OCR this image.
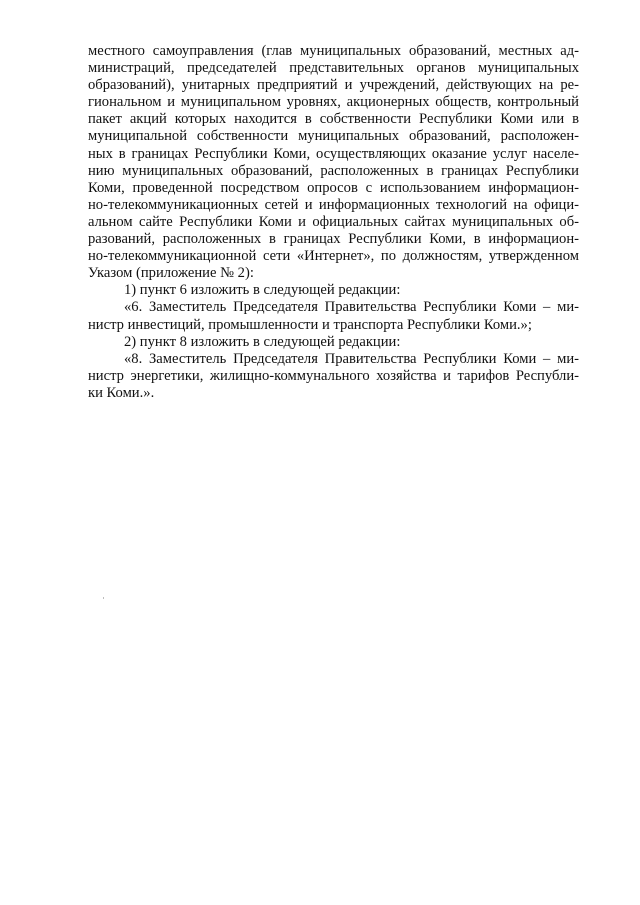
местного самоуправления (глав муниципальных образований, местных ад-
министраций, председателей представительных органов муниципальных
образований), унитарных предприятий и учреждений, действующих на ре-
гиональном и муниципальном уровнях, акционерных обществ, контрольный
пакет акций которых находится в собственности Республики Коми или в
муниципальной собственности муниципальных образований, расположен-
ных в границах Республики Коми, осуществляющих оказание услуг населе-
нию муниципальных образований, расположенных в границах Республики
Коми, проведенной посредством опросов с использованием информацион-
но-телекоммуникационных сетей и информационных технологий на офици-
альном сайте Республики Коми и официальных сайтах муниципальных об-
разований, расположенных в границах Республики Коми, в информацион-
но-телекоммуникационной сети «Интернет», по должностям, утвержденном
Указом (приложение № 2):
1) пункт 6 изложить в следующей редакции:
«6. Заместитель Председателя Правительства Республики Коми – ми-
нистр инвестиций, промышленности и транспорта Республики Коми.»;
2) пункт 8 изложить в следующей редакции:
«8. Заместитель Председателя Правительства Республики Коми – ми-
нистр энергетики, жилищно-коммунального хозяйства и тарифов Республи-
ки Коми.».
